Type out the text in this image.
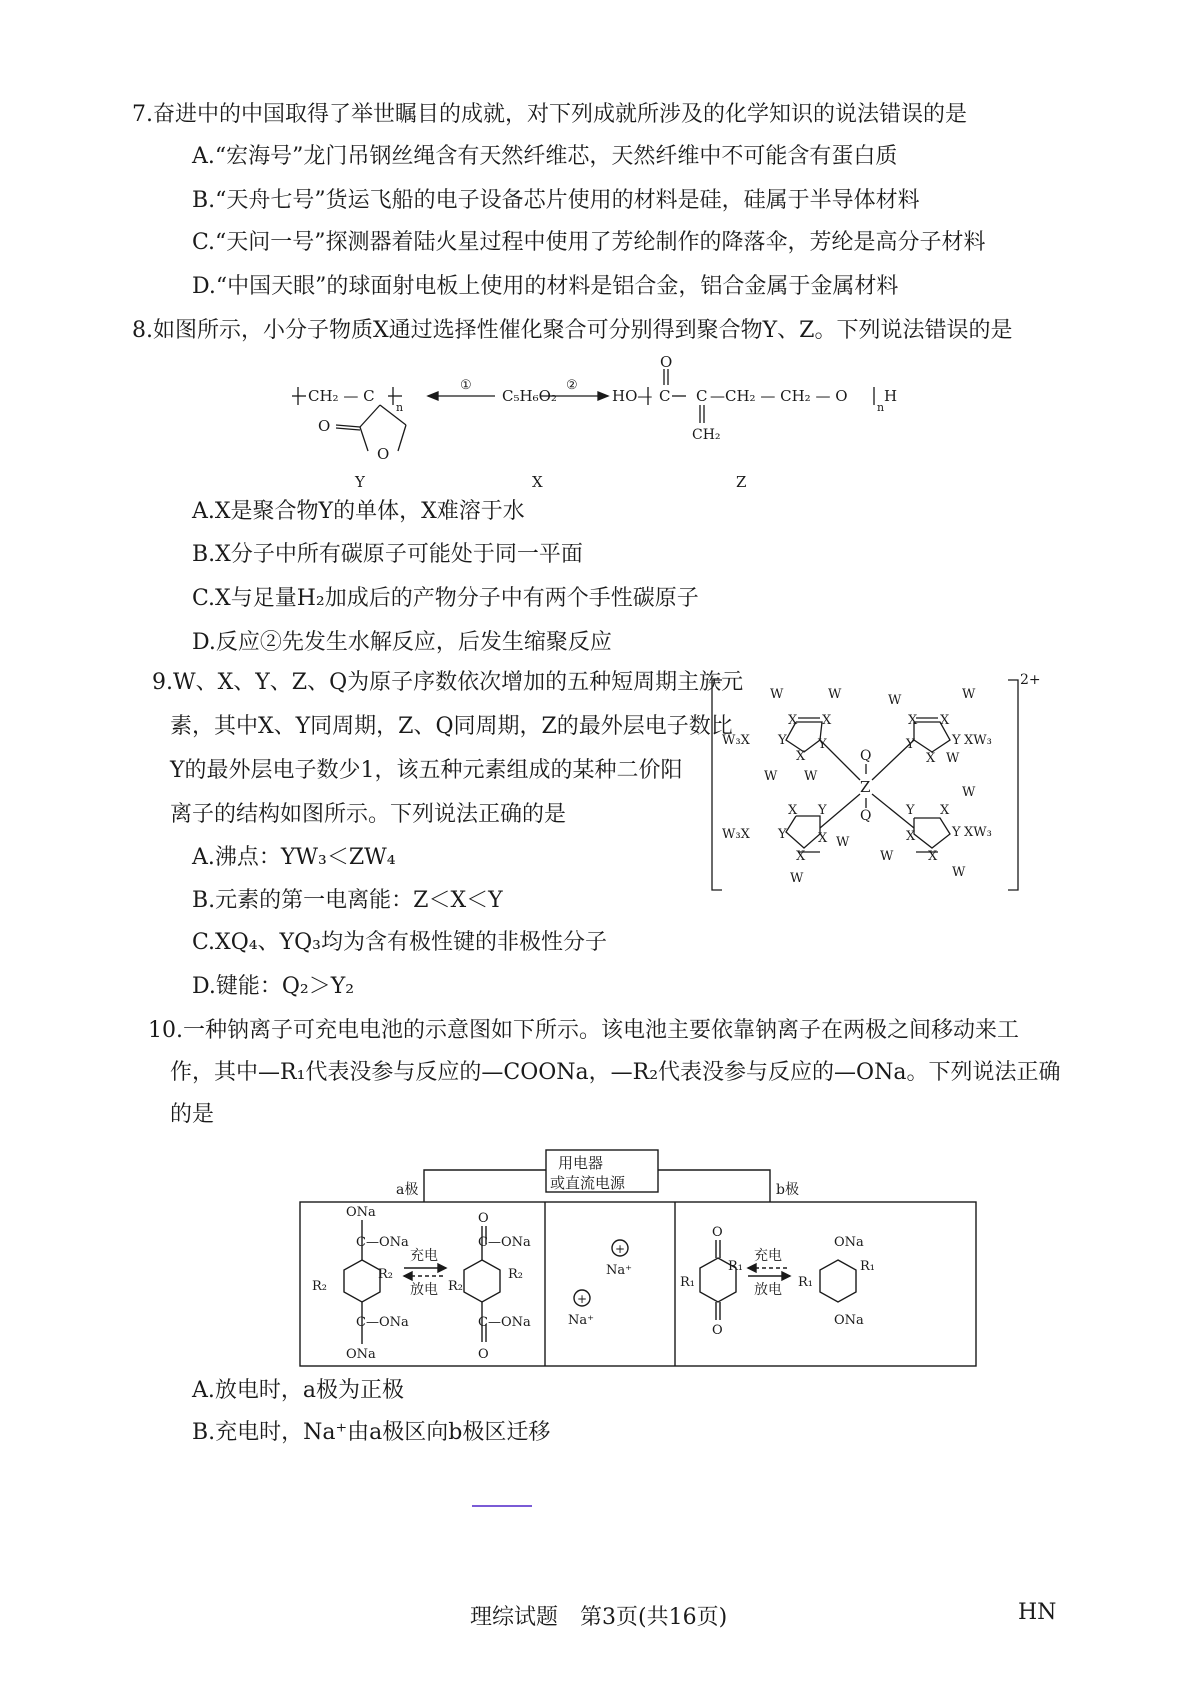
7.奋进中的中国取得了举世瞩目的成就，对下列成就所涉及的化学知识的说法错误的是
A.“宏海号”龙门吊钢丝绳含有天然纤维芯，天然纤维中不可能含有蛋白质
B.“天舟七号”货运飞船的电子设备芯片使用的材料是硅，硅属于半导体材料
C.“天问一号”探测器着陆火星过程中使用了芳纶制作的降落伞，芳纶是高分子材料
D.“中国天眼”的球面射电板上使用的材料是铝合金，铝合金属于金属材料
8.如图所示，小分子物质X通过选择性催化聚合可分别得到聚合物Y、Z。下列说法错误的是
CH₂ — C
n
O
O
①
C₅H₆O₂
②
HO—
O
C C —CH₂ — CH₂ — O
CH₂
n
H
Y	X	Z
A.X是聚合物Y的单体，X难溶于水
B.X分子中所有碳原子可能处于同一平面
C.X与足量H₂加成后的产物分子中有两个手性碳原子
D.反应②先发生水解反应，后发生缩聚反应
9.W、X、Y、Z、Q为原子序数依次增加的五种短周期主族元
素，其中X、Y同周期，Z、Q同周期，Z的最外层电子数比
Y的最外层电子数少1，该五种元素组成的某种二价阳
离子的结构如图所示。下列说法正确的是
A.沸点：YW₃＜ZW₄
B.元素的第一电离能：Z＜X＜Y
C.XQ₄、YQ₃均为含有极性键的非极性分子
D.键能：Q₂＞Y₂
2+
Z
Q
Q
W	W
X X
W₃X Y Y
X
W W
W	W
X X
Y	Y XW₃
X W
X Y
W₃X Y X
X
W
W
Y X
W
Y XW₃
X
W	X
W
10.一种钠离子可充电电池的示意图如下所示。该电池主要依靠钠离子在两极之间移动来工
作，其中—R₁代表没参与反应的—COONa，—R₂代表没参与反应的—ONa。下列说法正确
的是
用电器
或直流电源
a极	b极
ONa
C—ONa
C—ONa
ONa
R₂
R₂
充电
放电 R₂
R₂
O
C—ONa
C—ONa
O
+
Na⁺
+
Na⁺
O
O
R₁
R₁
充电
放电 R₁
R₁
ONa
ONa
A.放电时，a极为正极
B.充电时，Na⁺由a极区向b极区迁移
理综试题　第3页(共16页)	HN
